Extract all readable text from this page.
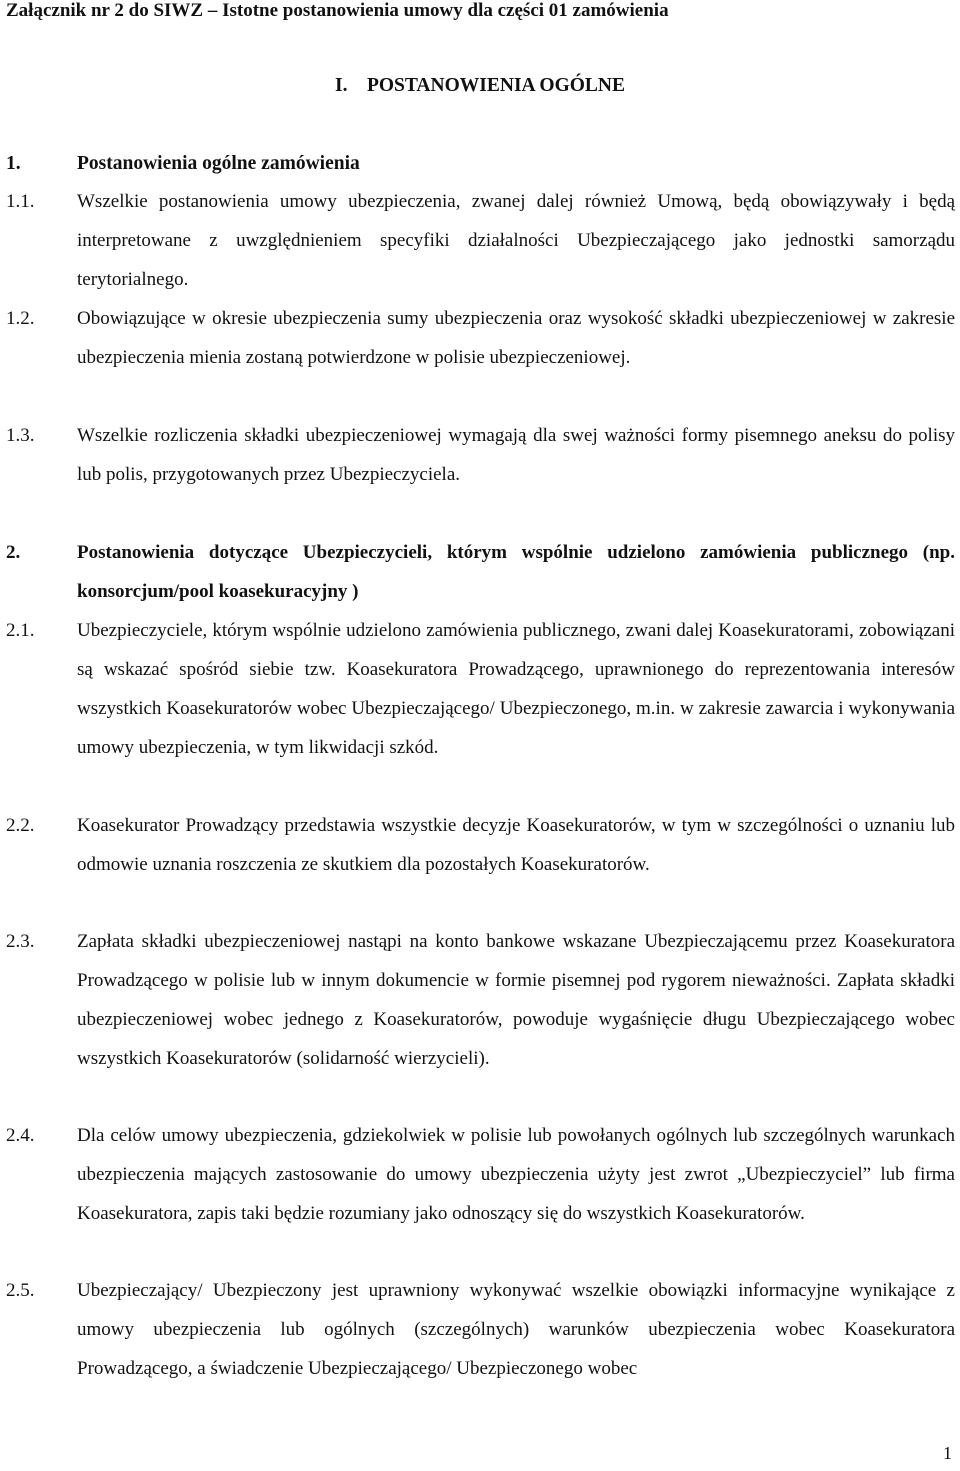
Załącznik nr 2 do SIWZ – Istotne postanowienia umowy dla części 01 zamówienia
I.    POSTANOWIENIA OGÓLNE
1.	Postanowienia ogólne zamówienia
1.1. Wszelkie postanowienia umowy ubezpieczenia, zwanej dalej również Umową, będą obowiązywały i będą interpretowane z uwzględnieniem specyfiki działalności Ubezpieczającego jako jednostki samorządu terytorialnego.
1.2. Obowiązujące w okresie ubezpieczenia sumy ubezpieczenia oraz wysokość składki ubezpieczeniowej w zakresie ubezpieczenia mienia zostaną potwierdzone w polisie ubezpieczeniowej.
1.3. Wszelkie rozliczenia składki ubezpieczeniowej wymagają dla swej ważności formy pisemnego aneksu do polisy lub polis, przygotowanych przez Ubezpieczyciela.
2.	Postanowienia dotyczące Ubezpieczycieli, którym wspólnie udzielono zamówienia publicznego (np. konsorcjum/pool koasekuracyjny )
2.1. Ubezpieczyciele, którym wspólnie udzielono zamówienia publicznego, zwani dalej Koasekuratorami, zobowiązani są wskazać spośród siebie tzw. Koasekuratora Prowadzącego, uprawnionego do reprezentowania interesów wszystkich Koasekuratorów wobec Ubezpieczającego/ Ubezpieczonego, m.in. w zakresie zawarcia i wykonywania umowy ubezpieczenia, w tym likwidacji szkód.
2.2. Koasekurator Prowadzący przedstawia wszystkie decyzje Koasekuratorów, w tym w szczególności o uznaniu lub odmowie uznania roszczenia ze skutkiem dla pozostałych Koasekuratorów.
2.3. Zapłata składki ubezpieczeniowej nastąpi na konto bankowe wskazane Ubezpieczającemu przez Koasekuratora Prowadzącego w polisie lub w innym dokumencie w formie pisemnej pod rygorem nieważności. Zapłata składki ubezpieczeniowej wobec jednego z Koasekuratorów, powoduje wygaśnięcie długu Ubezpieczającego wobec wszystkich Koasekuratorów (solidarność wierzycieli).
2.4. Dla celów umowy ubezpieczenia, gdziekolwiek w polisie lub powołanych ogólnych lub szczególnych warunkach ubezpieczenia mających zastosowanie do umowy ubezpieczenia użyty jest zwrot „Ubezpieczyciel” lub firma Koasekuratora, zapis taki będzie rozumiany jako odnoszący się do wszystkich Koasekuratorów.
2.5. Ubezpieczający/ Ubezpieczony jest uprawniony wykonywać wszelkie obowiązki informacyjne wynikające z umowy ubezpieczenia lub ogólnych (szczególnych) warunków ubezpieczenia wobec Koasekuratora Prowadzącego, a świadczenie Ubezpieczającego/ Ubezpieczonego wobec
1
